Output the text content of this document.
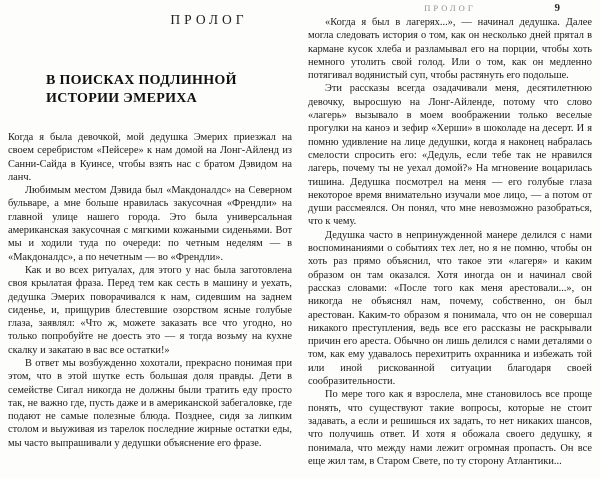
ПРОЛОГ	9
ПРОЛОГ
В ПОИСКАХ ПОДЛИННОЙ
ИСТОРИИ ЭМЕРИХА

Когда я была девочкой, мой дедушка Эмерих приезжал на своем серебристом «Пейсере» к нам домой на Лонг-Айленд из Санни-Сайда в Куинсе, чтобы взять нас с братом Дэвидом на ланч.

Любимым местом Дэвида был «Макдоналдс» на Северном бульваре, а мне больше нравилась закусочная «Френдли» на главной улице нашего города. Это была универсальная американская закусочная с мягкими кожаными сиденьями. Вот мы и ходили туда по очереди: по четным неделям — в «Макдоналдс», а по нечетным — во «Френдли».

Как и во всех ритуалах, для этого у нас была заготовлена своя крылатая фраза. Перед тем как сесть в машину и уехать, дедушка Эмерих поворачивался к нам, сидевшим на заднем сиденье, и, прищурив блестевшие озорством ясные голубые глаза, заявлял: «Что ж, можете заказать все что угодно, но только попробуйте не доесть это — я тогда возьму на кухне скалку и закатаю в вас все остатки!»

В ответ мы возбужденно хохотали, прекрасно понимая при этом, что в этой шутке есть большая доля правды. Дети в семействе Сигал никогда не должны были тратить еду просто так, не важно где, пусть даже и в американской забегаловке, где подают не самые полезные блюда. Позднее, сидя за липким столом и выуживая из тарелок последние жирные остатки еды, мы часто выпрашивали у дедушки объяснение его фразе.

«Когда я был в лагерях...», — начинал дедушка. Далее могла следовать история о том, как он несколько дней прятал в кармане кусок хлеба и разламывал его на порции, чтобы хоть немного утолить свой голод. Или о том, как он медленно потягивал водянистый суп, чтобы растянуть его подольше.

Эти рассказы всегда озадачивали меня, десятилетнюю девочку, выросшую на Лонг-Айленде, потому что слово «лагерь» вызывало в моем воображении только веселые прогулки на каноэ и зефир «Херши» в шоколаде на десерт. И я помню удивление на лице дедушки, когда я наконец набралась смелости спросить его: «Дедуль, если тебе так не нравился лагерь, почему ты не уехал домой?» На мгновение воцарилась тишина. Дедушка посмотрел на меня — его голубые глаза некоторое время внимательно изучали мое лицо, — а потом от души рассмеялся. Он понял, что мне невозможно разобраться, что к чему.

Дедушка часто в непринужденной манере делился с нами воспоминаниями о событиях тех лет, но я не помню, чтобы он хоть раз прямо объяснил, что такое эти «лагеря» и каким образом он там оказался. Хотя иногда он и начинал свой рассказ словами: «После того как меня арестовали...», он никогда не объяснял нам, почему, собственно, он был арестован. Каким-то образом я понимала, что он не совершал никакого преступления, ведь все его рассказы не раскрывали причин его ареста. Обычно он лишь делился с нами деталями о том, как ему удавалось перехитрить охранника и избежать той или иной рискованной ситуации благодаря своей сообразительности.

По мере того как я взрослела, мне становилось все проще понять, что существуют такие вопросы, которые не стоит задавать, а если и решишься их задать, то нет никаких шансов, что получишь ответ. И хотя я обожала своего дедушку, я понимала, что между нами лежит огромная пропасть. Он все еще жил там, в Старом Свете, по ту сторону Атлантики...
